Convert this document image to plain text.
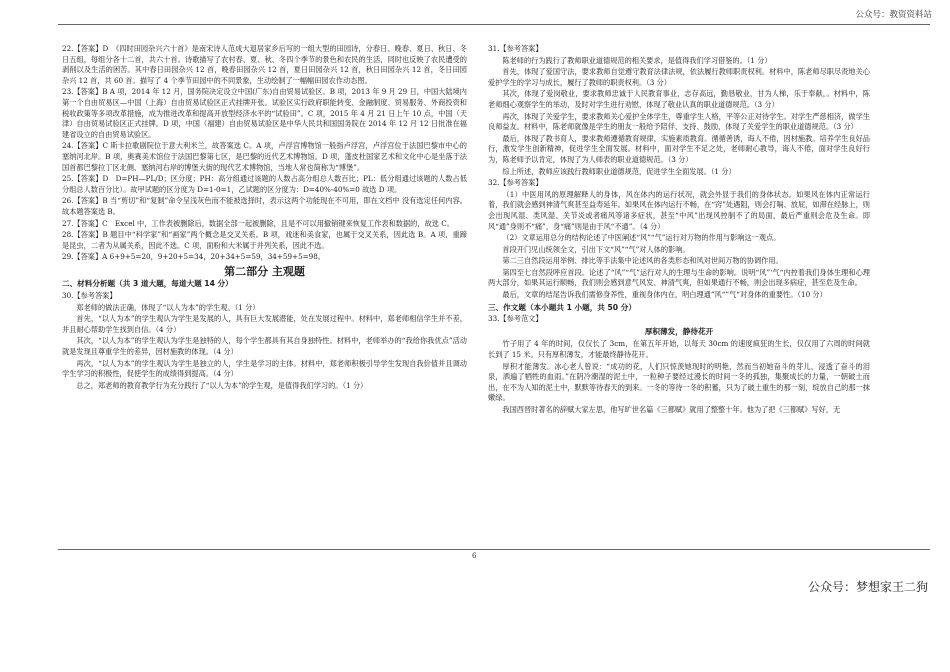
公众号：教资资料站

22.【答案】D　《四时田园杂兴六十首》是南宋诗人范成大退居家乡后写的一组大型的田园诗，分春日、晚春、夏日、秋日、冬日五组，每组分各十二首，共六十首。诗歌描写了农村春、夏、秋、冬四个季节的景色和农民的生活，同时也反映了农民遭受的剥削以及生活的困苦。其中春日田园杂兴 12 首，晚春田园杂兴 12 首，夏日田园杂兴 12 首，秋日田园杂兴 12 首，冬日田园杂兴 12 首，共 60 首。描写了 4 个季节田园中的不同景象，生动绘制了一幅幅田园农作动态图。

23.【答案】B A 项，2014 年 12 月，国务院决定设立中国(广东)自由贸易试验区。B 项，2013 年 9 月 29 日，中国大陆境内第一个自由贸易区—中国（上海）自由贸易试验区正式挂牌开张。试验区实行政府职能转变、金融制度、贸易服务、外商投资和税收政策等多项改革措施，成为推进改革和提高开放型经济水平的“试验田”。C 项，2015 年 4 月 21 日上午 10 点，中国（天津）自由贸易试验区正式挂牌。D 项，中国（福建）自由贸易试验区是中华人民共和国国务院在 2014 年 12 月 12 日批准在福建省设立的自由贸易试验区。

24.【答案】C 斯卡拉歌剧院位于意大利米兰，故答案选 C。A 项，卢浮宫博物馆一般指卢浮宫，卢浮宫位于法国巴黎市中心的塞纳河北岸。B 项，奥赛美术馆位于法国巴黎第七区，是巴黎的近代艺术博物馆。D 项，蓬皮杜国家艺术和文化中心是坐落于法国首都巴黎拉丁区北侧、塞纳河右岸的博堡大街的现代艺术博物馆，当地人常也简称为“博堡”。

25.【答案】D　D=PH—PL/D；区分度；PH：高分组通过该题的人数占高分组总人数百比；PL：低分组通过该题的人数占低分组总人数百分比）。故甲试题的区分度为 D=1-0=1，乙试题的区分度为：D=40%-40%=0 故选 D 项。

26.【答案】B 当“剪切”和“复制”命令呈浅灰色而不能被选择时，表示这两个功能现在不可用，即在文档中 没有选定任何内容。故本题答案选 B。

27.【答案】C　Excel 中，工作表被删除后，数据全部一起被删除，且是不可以用撤销键来恢复工作表和数据的，故选 C。

28.【答案】B 题目中“科学家”和“画家”两个概念是交叉关系。B 项，戏迷和美食家，也属于交叉关系，因此选 B。A 项，重蹄是昆虫，二者为从属关系，因此不选。C 项，面粉和大米属于并列关系，因此不选。

29.【答案】A 6+9+5=20，9+20+5=34，20+34+5=59，34+59+5=98。

第二部分 主观题
二、材料分析题（共 3 道大题，每道大题 14 分）

30.【参考答案】

郑老师的做法正确，体现了“以人为本”的学生观。（1 分）

首先，“以人为本”的学生观认为学生是发展的人，具有巨大发展潜能，处在发展过程中。材料中，郑老师相信学生并不差，并且耐心帮助学生找到自信。（4 分）

其次，“以人为本”的学生观认为学生是独特的人，每个学生都具有其自身独特性。材料中，老师举办的“我给你我优点”活动就是发现且尊重学生的差异，因材施教的体现。（4 分）

再次，“以人为本”的学生观认为学生是独立的人，学生是学习的主体。材料中，郑老师积极引导学生发现自我价值并且调动学生学习的积极性，促使学生的成绩得到提高。（4 分）

总之，郑老师的教育教学行为充分践行了“以人为本”的学生观，是值得我们学习的。（1 分）

31.【参考答案】

陈老师的行为践行了教师职业道德规范的相关要求，是值得我们学习借鉴的。（1 分）

首先，体现了爱国守法，要求教师自觉遵守教育法律法规，依法履行教师职责权利。材料中，陈老师尽职尽责地关心爱护学生的学习与成长，履行了教师的职责权利。（3 分）

其次，体现了爱岗敬业，要求教师忠诚于人民教育事业，志存高远，勤恳敬业，甘为人梯，乐于奉献，。材料中，陈老师细心观察学生的举动，及时对学生进行劝慰，体现了敬业认真的职业道德规范。（3 分）

再次，体现了关爱学生，要求教师关心爱护全体学生，尊重学生人格，平等公正对待学生。对学生严慈相济，做学生良师益友。材料中，陈老师就像是学生的朋友一般给予陪伴、支持、鼓励，体现了关爱学生的职业道德规范。（3 分）

最后，体现了教书育人，要求教师遵循教育规律，实施素质教育。循循善诱，诲人不倦，因材施教。培养学生良好品行，激发学生创新精神，促进学生全面发展。材料中，面对学生不足之处，老师耐心教导，诲人不倦，面对学生良好行为，陈老师予以肯定，体现了为人师表的职业道德规范。（3 分）

综上所述，教师应该践行教师职业道德规范，促进学生全面发展。（1 分）

32.【参考答案】

（1）中医用风的原理解释人的身体，风在体内的运行状况，就会外显于我们的身体状态。如果风在体内正常运行着，我们就会感到神清气爽甚至益寿延年。如果风在体内运行不畅，在“窍”处遇阻，则会打嗝、放屁，如滞在经脉上，则会出现风湿、类风湿、关节炎或者痛风等诸多症状，甚至“中风”出现风控制不了的局面，最后严重则会危及生命。即风“通”身则不“痛”，身“痛”则是由于风“不通”。（4 分）

（2）文章运用总分的结构论述了中医阐述“风”“气”运行对万物的作用与影响这一观点。

首段开门见山统领全文，引出下文“风”“气”对人体的影响。

第二三自然段运用举例、排比等手法集中论述风的各类形态和风对世间万物的协调作用。

第四至七自然段呼应首段。论述了“风”“气”运行对人的生理与生命的影响。说明“风”‘气“内控着我们身体生理和心理两大部分，如果其运行顺畅，我们则会感到意气风发、神清气爽，但如果通行不畅，则会出现多病症，甚至危及生命。

最后，文章的结尾告诉我们需修身养性，重视身体内在，明白理通”风“”气“对身体的重要性。（10 分）

三、作文题（本小题共 1 小题，共 50 分）

33.【参考范文】

厚积薄发，静待花开

竹子用了 4 年的时间，仅仅长了 3cm，在第五年开始，以每天 30cm 的速度疯狂的生长，仅仅用了六周的时间就长到了 15 米。只有厚积薄发，才能最终静待花开。

厚积才能薄发。冰心老人曾说：“成功的花，人们只惊羡她现时的明艳，然而当初她奋斗的芽儿，浸透了奋斗的泪泉，洒遍了牺牲的血雨。”在阴冷潮湿的泥土中，一粒种子要经过漫长的时间一冬的孤独，集聚成长的力量，一朝破土而出，在不为人知的泥土中，默默等待春天的到来。一冬的等待一冬的积蓄，只为了破土重生的那一刻，绽放自己的那一抹嫩绿。

我国西晋时著名的辞赋大家左思，他写旷世名篇《三都赋》就用了整整十年。他为了把《三都赋》写好，无

6
公众号：梦想家王二狗
